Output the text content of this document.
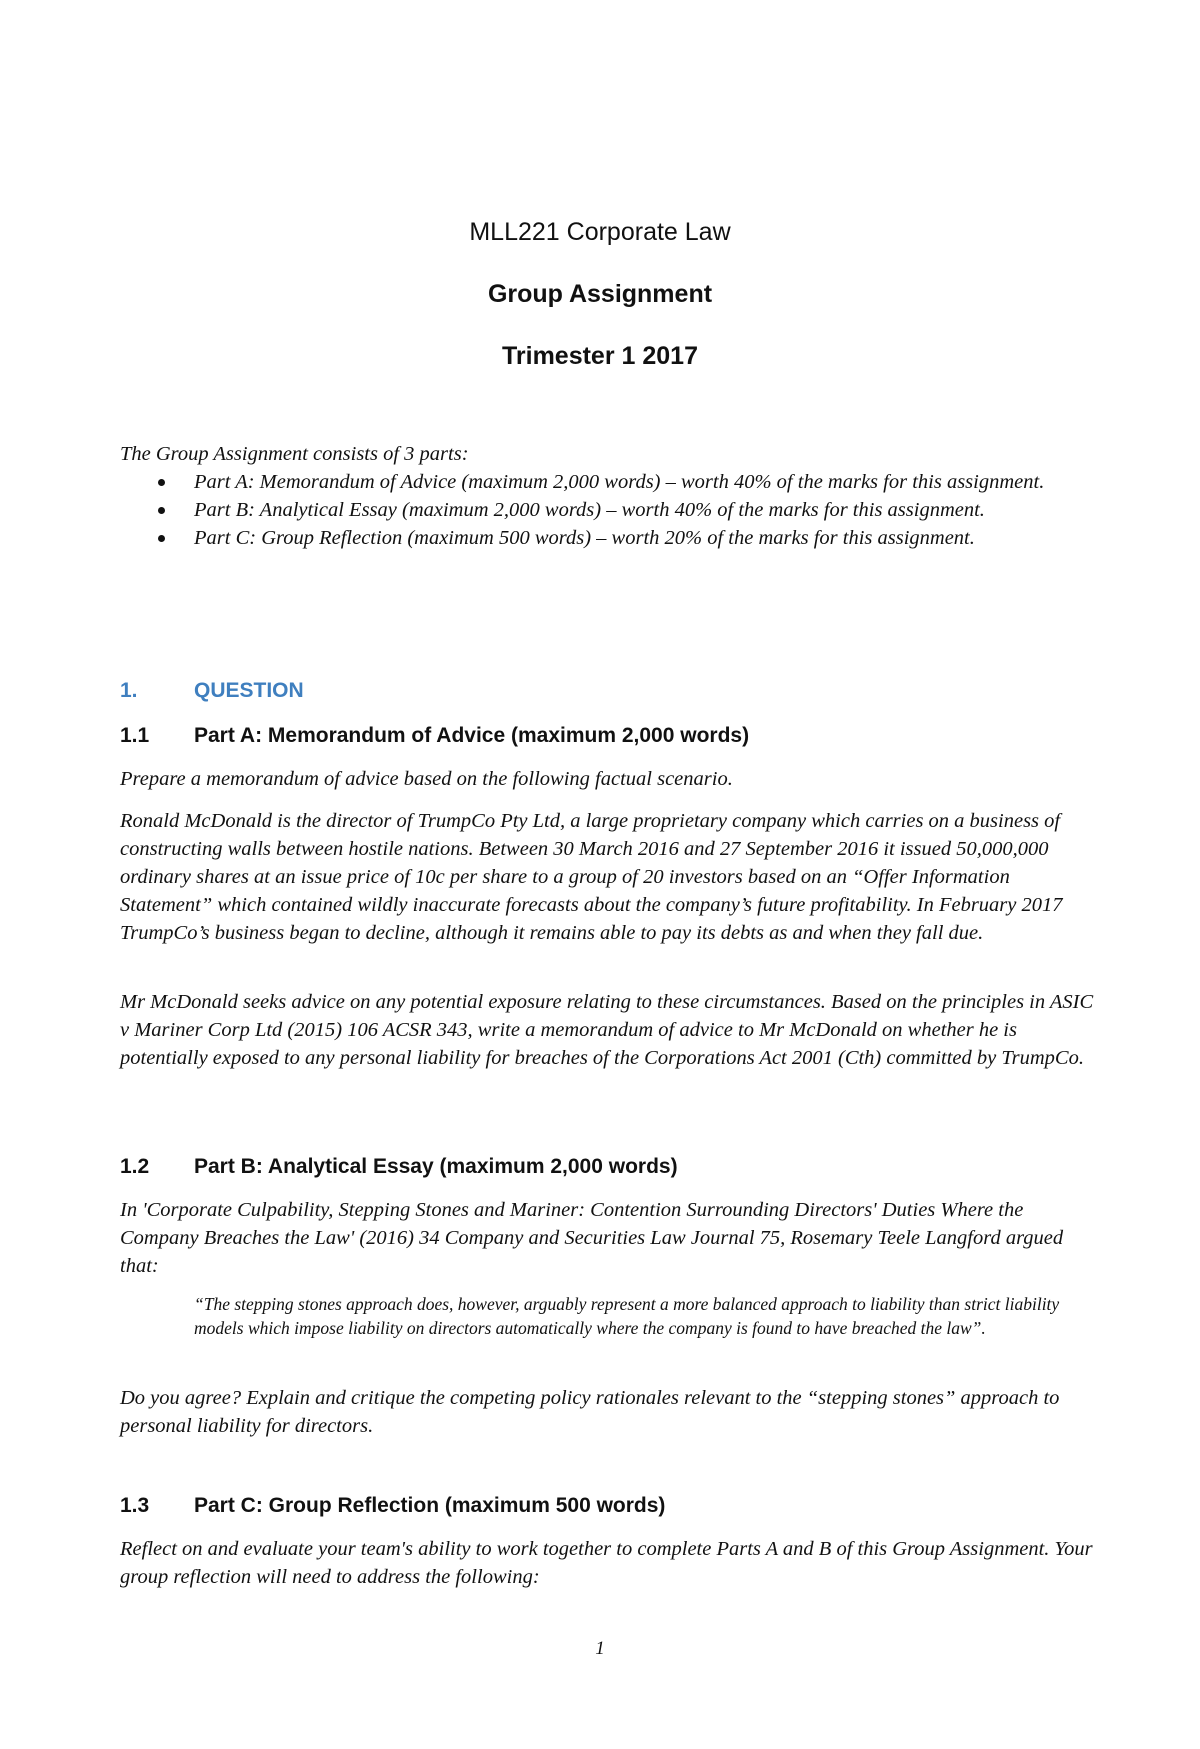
MLL221 Corporate Law
Group Assignment
Trimester 1 2017
The Group Assignment consists of 3 parts:
Part A: Memorandum of Advice (maximum 2,000 words) – worth 40% of the marks for this assignment.
Part B: Analytical Essay (maximum 2,000 words) – worth 40% of the marks for this assignment.
Part C: Group Reflection (maximum 500 words) – worth 20% of the marks for this assignment.
1.	QUESTION
1.1 Part A: Memorandum of Advice (maximum 2,000 words)

Prepare a memorandum of advice based on the following factual scenario.

Ronald McDonald is the director of TrumpCo Pty Ltd, a large proprietary company which carries on a business of constructing walls between hostile nations. Between 30 March 2016 and 27 September 2016 it issued 50,000,000 ordinary shares at an issue price of 10c per share to a group of 20 investors based on an “Offer Information Statement” which contained wildly inaccurate forecasts about the company’s future profitability. In February 2017 TrumpCo’s business began to decline, although it remains able to pay its debts as and when they fall due.

Mr McDonald seeks advice on any potential exposure relating to these circumstances. Based on the principles in ASIC v Mariner Corp Ltd (2015) 106 ACSR 343, write a memorandum of advice to Mr McDonald on whether he is potentially exposed to any personal liability for breaches of the Corporations Act 2001 (Cth) committed by TrumpCo.

1.2 Part B: Analytical Essay (maximum 2,000 words)

In 'Corporate Culpability, Stepping Stones and Mariner: Contention Surrounding Directors' Duties Where the Company Breaches the Law' (2016) 34 Company and Securities Law Journal 75, Rosemary Teele Langford argued that:

“The stepping stones approach does, however, arguably represent a more balanced approach to liability than strict liability models which impose liability on directors automatically where the company is found to have breached the law”.

Do you agree? Explain and critique the competing policy rationales relevant to the “stepping stones” approach to personal liability for directors.

1.3 Part C: Group Reflection (maximum 500 words)

Reflect on and evaluate your team's ability to work together to complete Parts A and B of this Group Assignment. Your group reflection will need to address the following:

1
